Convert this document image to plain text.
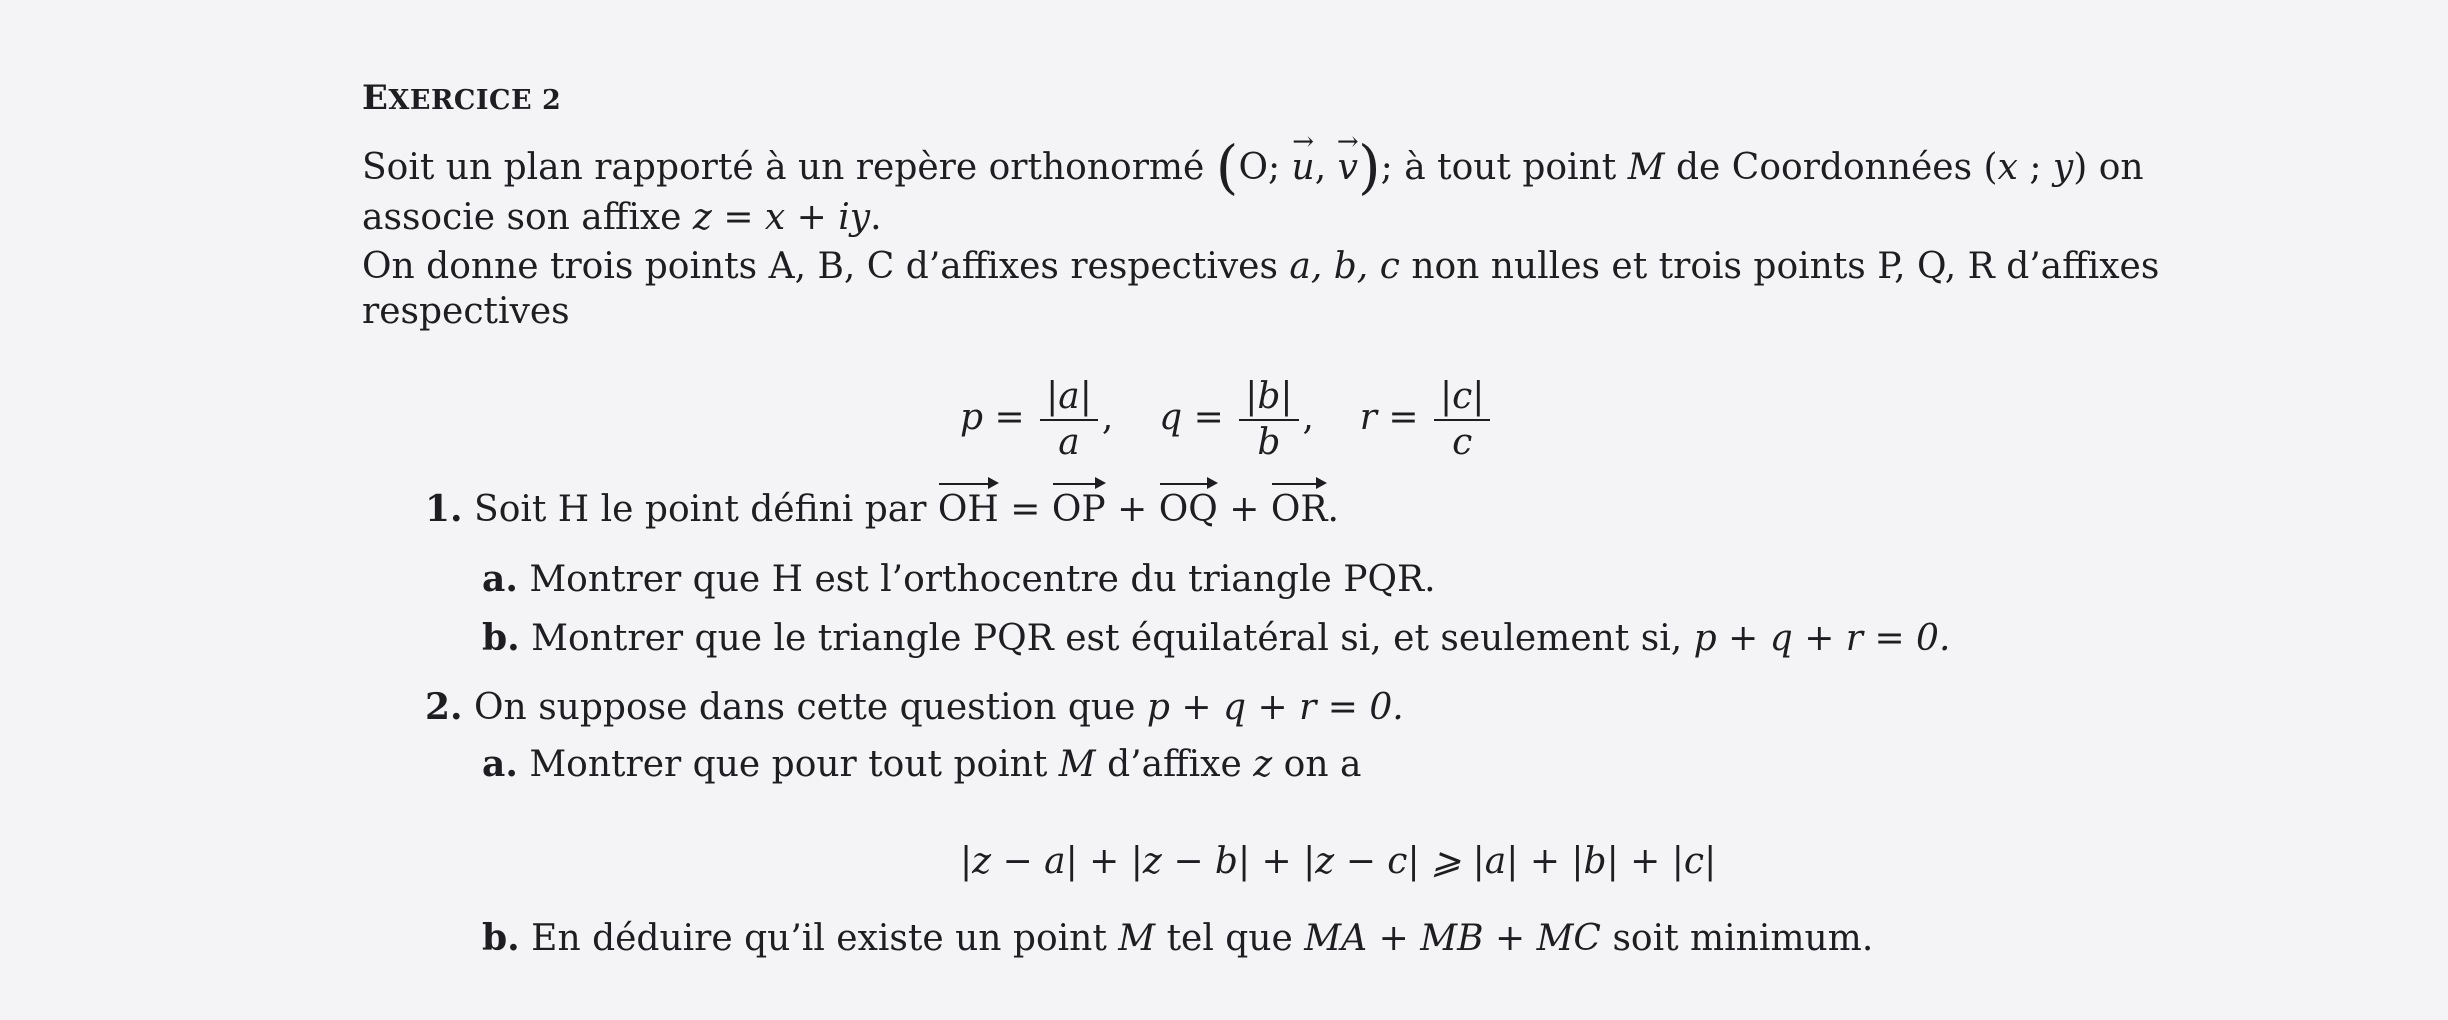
EXERCICE 2
Soit un plan rapporté à un repère orthonormé (O; → u, → v); à tout point M de Coordonnées (x ; y) on
associe son affixe z = x + iy.
On donne trois points A, B, C d’affixes respectives a, b, c non nulles et trois points P, Q, R d’affixes
respectives
$p = \frac{|a|}{a}$ , $q = \frac{|b|}{b}$ , $r = \frac{|c|}{c}$
1. Soit H le point défini par OH = OP + OQ + OR.
a. Montrer que H est l’orthocentre du triangle PQR.
b. Montrer que le triangle PQR est équilatéral si, et seulement si, p + q + r = 0.
2. On suppose dans cette question que p + q + r = 0.
a. Montrer que pour tout point M d’affixe z on a
|z − a| + |z − b| + |z − c| ⩾ |a| + |b| + |c|
b. En déduire qu’il existe un point M tel que MA + MB + MC soit minimum.
